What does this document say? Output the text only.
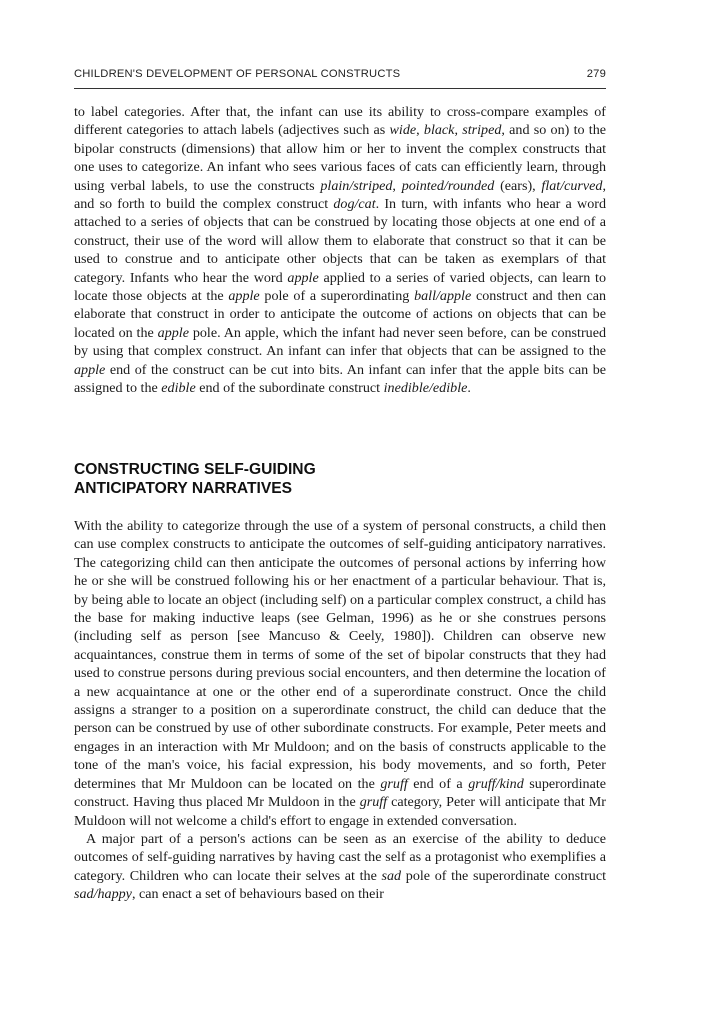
CHILDREN'S DEVELOPMENT OF PERSONAL CONSTRUCTS	279

to label categories. After that, the infant can use its ability to cross-compare examples of different categories to attach labels (adjectives such as wide, black, striped, and so on) to the bipolar constructs (dimensions) that allow him or her to invent the complex constructs that one uses to categorize. An infant who sees various faces of cats can efficiently learn, through using verbal labels, to use the constructs plain/striped, pointed/rounded (ears), flat/curved, and so forth to build the complex construct dog/cat. In turn, with infants who hear a word attached to a series of objects that can be construed by locating those objects at one end of a construct, their use of the word will allow them to elaborate that construct so that it can be used to construe and to anticipate other objects that can be taken as exemplars of that category. Infants who hear the word apple applied to a series of varied objects, can learn to locate those objects at the apple pole of a superordinating ball/apple construct and then can elaborate that construct in order to anticipate the outcome of actions on objects that can be located on the apple pole. An apple, which the infant had never seen before, can be construed by using that complex construct. An infant can infer that objects that can be assigned to the apple end of the construct can be cut into bits. An infant can infer that the apple bits can be assigned to the edible end of the subordinate construct inedible/edible.

CONSTRUCTING SELF-GUIDING
ANTICIPATORY NARRATIVES

With the ability to categorize through the use of a system of personal constructs, a child then can use complex constructs to anticipate the outcomes of self-guiding anticipatory narratives. The categorizing child can then anticipate the outcomes of personal actions by inferring how he or she will be construed following his or her enactment of a particular behaviour. That is, by being able to locate an object (including self) on a particular complex construct, a child has the base for making inductive leaps (see Gelman, 1996) as he or she construes persons (including self as person [see Mancuso & Ceely, 1980]). Children can observe new acquaintances, construe them in terms of some of the set of bipolar constructs that they had used to construe persons during previous social encounters, and then determine the location of a new acquaintance at one or the other end of a superordinate construct. Once the child assigns a stranger to a position on a superordinate construct, the child can deduce that the person can be construed by use of other subordinate constructs. For example, Peter meets and engages in an interaction with Mr Muldoon; and on the basis of constructs applicable to the tone of the man's voice, his facial expression, his body movements, and so forth, Peter determines that Mr Muldoon can be located on the gruff end of a gruff/kind superordinate construct. Having thus placed Mr Muldoon in the gruff category, Peter will anticipate that Mr Muldoon will not welcome a child's effort to engage in extended conversation.

A major part of a person's actions can be seen as an exercise of the ability to deduce outcomes of self-guiding narratives by having cast the self as a protagonist who exemplifies a category. Children who can locate their selves at the sad pole of the superordinate construct sad/happy, can enact a set of behaviours based on their
